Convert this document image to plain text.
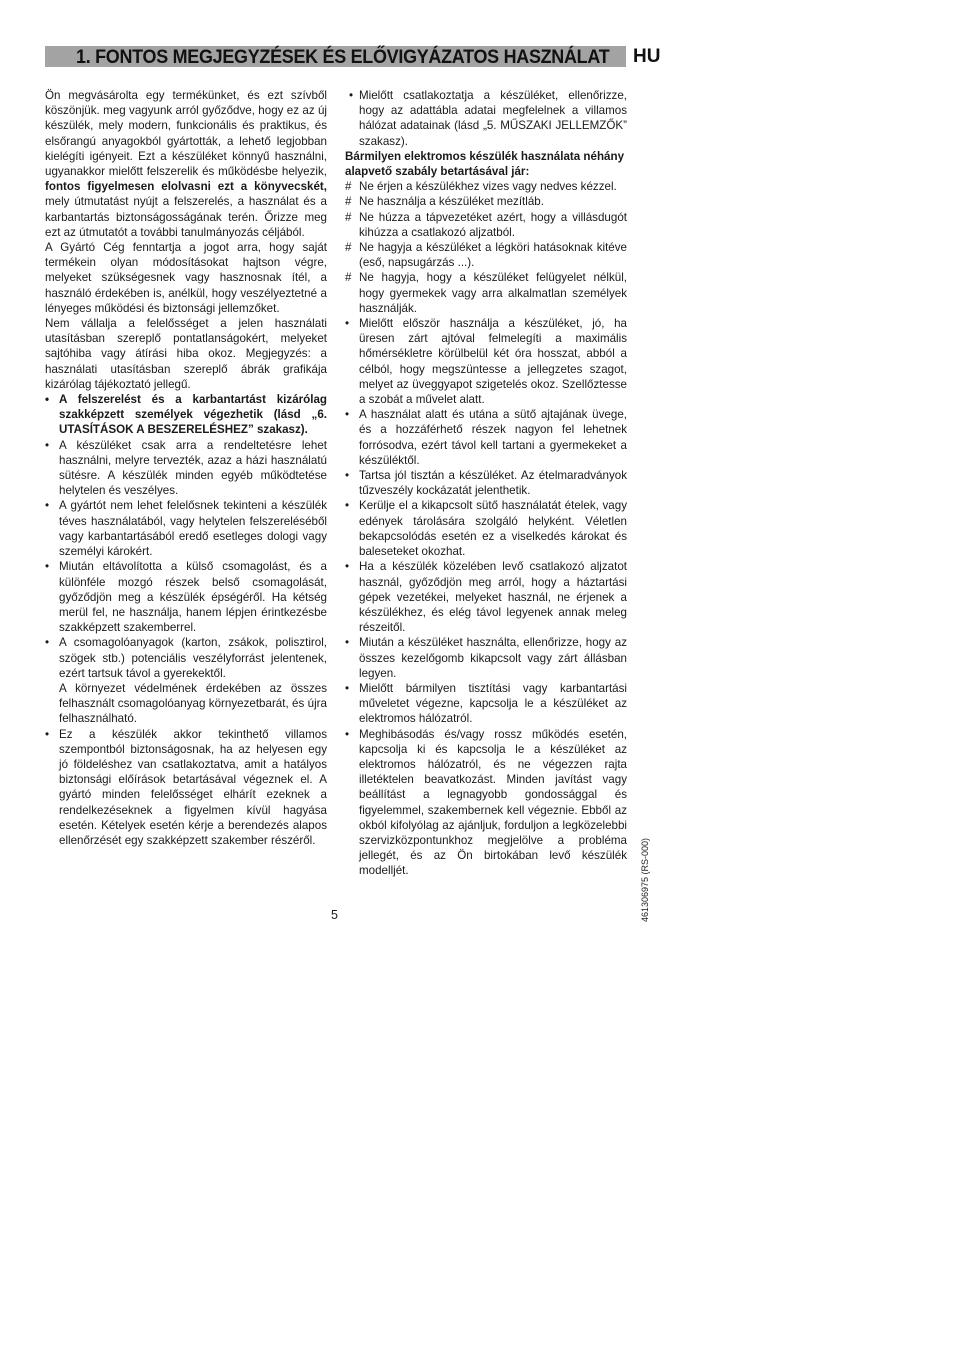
1. FONTOS MEGJEGYZÉSEK ÉS ELŐVIGYÁZATOS HASZNÁLAT HU

Ön megvásárolta egy termékünket, és ezt szívből köszönjük. meg vagyunk arról győződve, hogy ez az új készülék, mely modern, funkcionális és praktikus, és elsőrangú anyagokból gyártották, a lehető legjobban kielégíti igényeit. Ezt a készüléket könnyű használni, ugyanakkor mielőtt felszerelik és működésbe helyezik, fontos figyelmesen elolvasni ezt a könyvecskét, mely útmutatást nyújt a felszerelés, a használat és a karbantartás biztonságosságának terén. Őrizze meg ezt az útmutatót a további tanulmányozás céljából.

A Gyártó Cég fenntartja a jogot arra, hogy saját termékein olyan módosításokat hajtson végre, melyeket szükségesnek vagy hasznosnak ítél, a használó érdekében is, anélkül, hogy veszélyeztetné a lényeges működési és biztonsági jellemzőket.

Nem vállalja a felelősséget a jelen használati utasításban szereplő pontatlanságokért, melyeket sajtóhiba vagy átírási hiba okoz. Megjegyzés: a használati utasításban szereplő ábrák grafikája kizárólag tájékoztató jellegű.

• A felszerelést és a karbantartást kizárólag szakképzett személyek végezhetik (lásd „6. UTASÍTÁSOK A BESZERELÉSHEZ” szakasz).
• A készüléket csak arra a rendeltetésre lehet használni, melyre tervezték, azaz a házi használatú sütésre. A készülék minden egyéb működtetése helytelen és veszélyes.
• A gyártót nem lehet felelősnek tekinteni a készülék téves használatából, vagy helytelen felszereléséből vagy karbantartásából eredő esetleges dologi vagy személyi károkért.
• Miután eltávolította a külső csomagolást, és a különféle mozgó részek belső csomagolását, győződjön meg a készülék épségéről. Ha kétség merül fel, ne használja, hanem lépjen érintkezésbe szakképzett szakemberrel.
• A csomagolóanyagok (karton, zsákok, polisztirol, szögek stb.) potenciális veszélyforrást jelentenek, ezért tartsuk távol a gyerekektől.
A környezet védelmének érdekében az összes felhasznált csomagolóanyag környezetbarát, és újra felhasználható.
• Ez a készülék akkor tekinthető villamos szempontból biztonságosnak, ha az helyesen egy jó földeléshez van csatlakoztatva, amit a hatályos biztonsági előírások betartásával végeznek el. A gyártó minden felelősséget elhárít ezeknek a rendelkezéseknek a figyelmen kívül hagyása esetén. Kételyek esetén kérje a berendezés alapos ellenőrzését egy szakképzett szakember részéről.
• Mielőtt csatlakoztatja a készüléket, ellenőrizze, hogy az adattábla adatai megfelelnek a villamos hálózat adatainak (lásd „5. MŰSZAKI JELLEMZŐK” szakasz).

Bármilyen elektromos készülék használata néhány alapvető szabály betartásával jár:

# Ne érjen a készülékhez vizes vagy nedves kézzel.
# Ne használja a készüléket mezítláb.
# Ne húzza a tápvezetéket azért, hogy a villásdugót kihúzza a csatlakozó aljzatból.
# Ne hagyja a készüléket a légköri hatásoknak kitéve (eső, napsugárzás ...).
# Ne hagyja, hogy a készüléket felügyelet nélkül, hogy gyermekek vagy arra alkalmatlan személyek használják.
• Mielőtt először használja a készüléket, jó, ha üresen zárt ajtóval felmelegíti a maximális hőmérsékletre körülbelül két óra hosszat, abból a célból, hogy megszüntesse a jellegzetes szagot, melyet az üveggyapot szigetelés okoz. Szellőztesse a szobát a művelet alatt.
• A használat alatt és utána a sütő ajtajának üvege, és a hozzáférhető részek nagyon fel lehetnek forrósodva, ezért távol kell tartani a gyermekeket a készüléktől.
• Tartsa jól tisztán a készüléket. Az ételmaradványok tűzveszély kockázatát jelenthetik.
• Kerülje el a kikapcsolt sütő használatát ételek, vagy edények tárolására szolgáló helyként. Véletlen bekapcsolódás esetén ez a viselkedés károkat és baleseteket okozhat.
• Ha a készülék közelében levő csatlakozó aljzatot használ, győződjön meg arról, hogy a háztartási gépek vezetékei, melyeket használ, ne érjenek a készülékhez, és elég távol legyenek annak meleg részeitől.
• Miután a készüléket használta, ellenőrizze, hogy az összes kezelőgomb kikapcsolt vagy zárt állásban legyen.
• Mielőtt bármilyen tisztítási vagy karbantartási műveletet végezne, kapcsolja le a készüléket az elektromos hálózatról.
• Meghibásodás és/vagy rossz működés esetén, kapcsolja ki és kapcsolja le a készüléket az elektromos hálózatról, és ne végezzen rajta illetéktelen beavatkozást. Minden javítást vagy beállítást a legnagyobb gondossággal és figyelemmel, szakembernek kell végeznie. Ebből az okból kifolyólag az ajánljuk, forduljon a legközelebbi szervizközpontunkhoz megjelölve a probléma jellegét, és az Ön birtokában levő készülék modelljét.
5	461306975 (RS-000)
